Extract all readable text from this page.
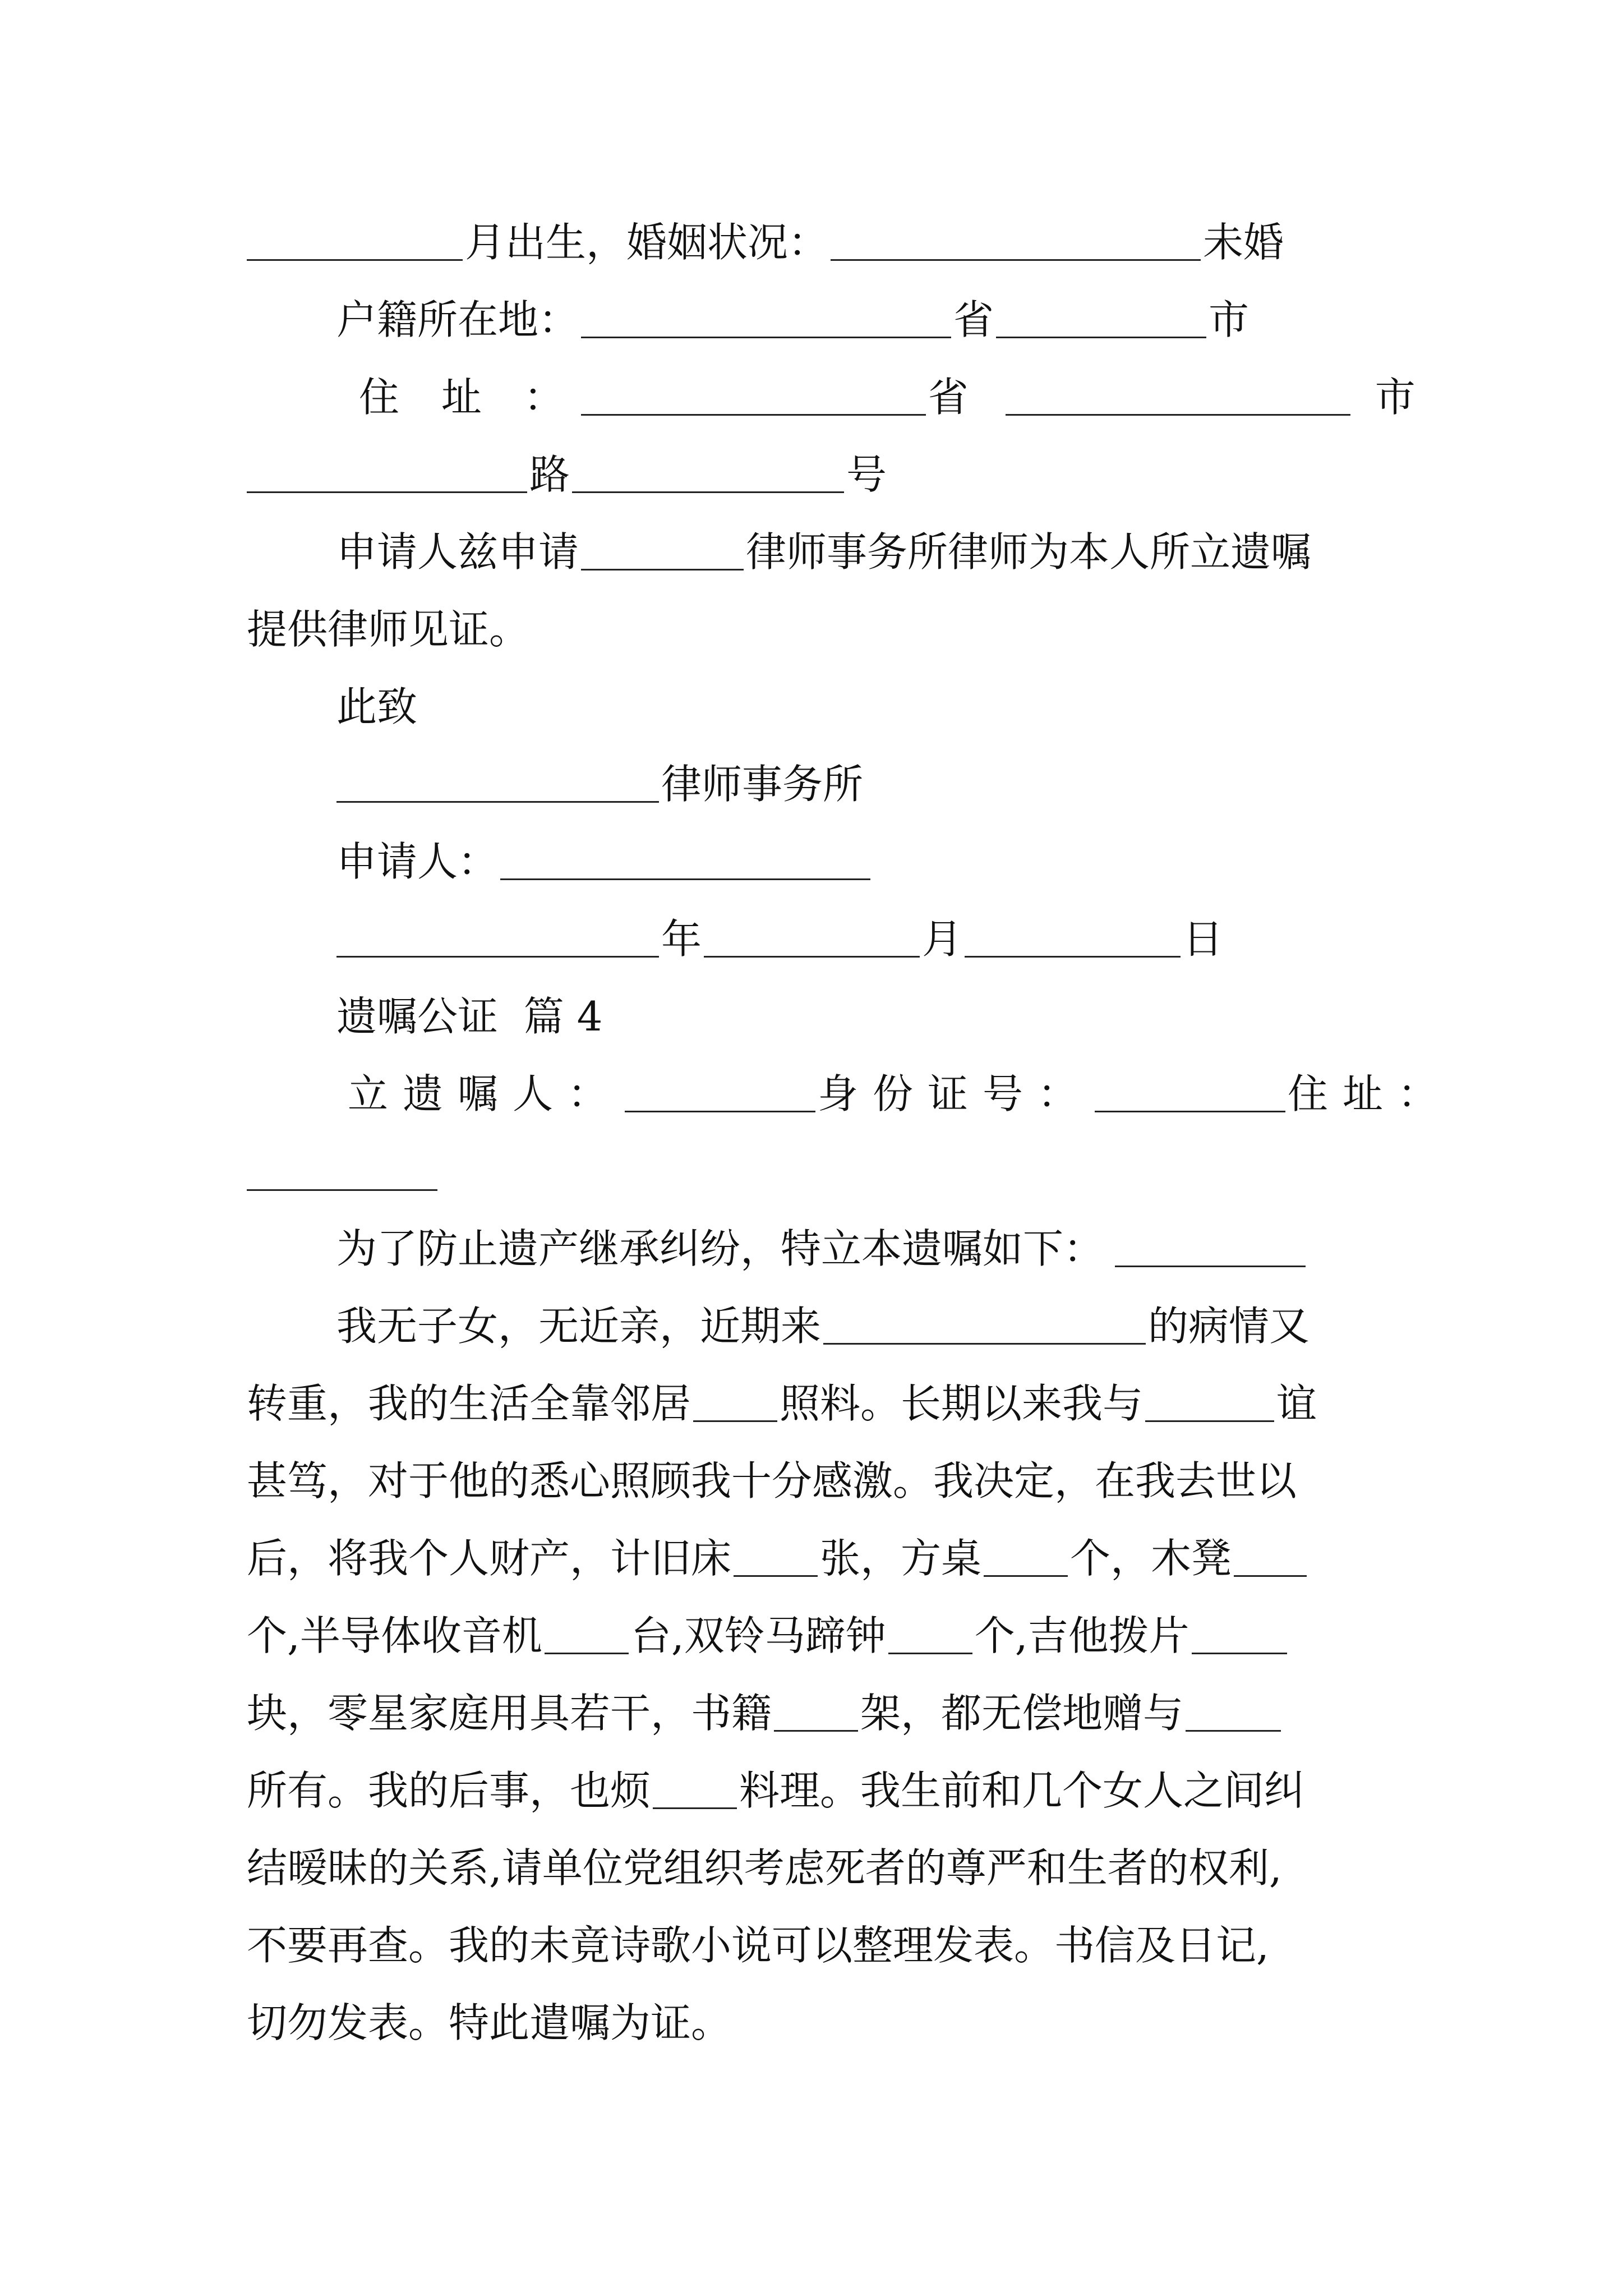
月出生，婚姻状况：	未婚
户籍所在地：	省	市
住 址 ：	省	市
路	号
申请人兹申请	律师事务所律师为本人所立遗嘱
提供律师见证。
此致
律师事务所
申请人：
年	月	日
遗嘱公证  篇 4
立遗嘱人：	身份证号：	住址：
为了防止遗产继承纠纷，特立本遗嘱如下：
我无子女，无近亲，近期来	的病情又
转重，我的生活全靠邻居 照料。长期以来我与	谊
甚笃，对于他的悉心照顾我十分感激。我决定，在我去世以
后，将我个人财产，计旧床 张，方桌 个，木凳
个,半导体收音机 台,双铃马蹄钟 个,吉他拨片
块，零星家庭用具若干，书籍 架，都无偿地赠与
所有。我的后事，也烦 料理。我生前和几个女人之间纠
结暧昧的关系,请单位党组织考虑死者的尊严和生者的权利,
不要再查。我的未竟诗歌小说可以整理发表。书信及日记,
切勿发表。特此遣嘱为证。
